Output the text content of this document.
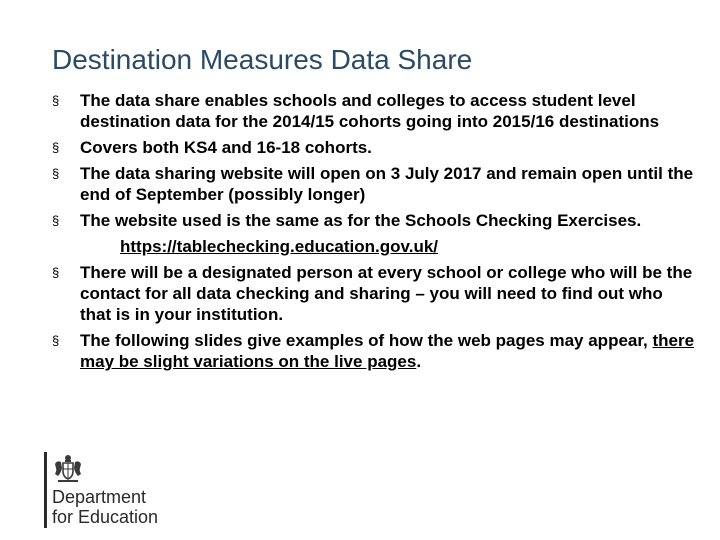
Destination Measures Data Share
§ The data share enables schools and colleges to access student level destination data for the 2014/15 cohorts going into 2015/16 destinations
§ Covers both KS4 and 16-18 cohorts.
§ The data sharing website will open on 3 July 2017 and remain open until the end of September (possibly longer)
§ The website used is the same as for the Schools Checking Exercises.
https://tablechecking.education.gov.uk/
§ There will be a designated person at every school or college who will be the contact for all data checking and sharing – you will need to find out who that is in your institution.
§ The following slides give examples of how the web pages may appear, there may be slight variations on the live pages.
Department
for Education
